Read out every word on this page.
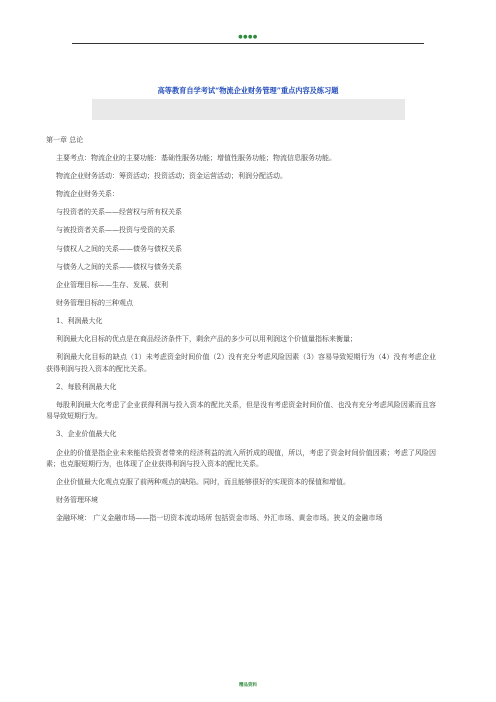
●●●●
高等教育自学考试“物流企业财务管理”重点内容及练习题

第一章 总论

主要考点：物流企业的主要功能：基础性服务功能；增值性服务功能；物流信息服务功能。

物流企业财务活动：筹资活动；投资活动；资金运营活动；利润分配活动。

物流企业财务关系：

与投资者的关系——经营权与所有权关系

与被投资者关系——投资与受资的关系

与债权人之间的关系——债务与债权关系

与债务人之间的关系——债权与债务关系

企业管理目标——生存、发展、获利

财务管理目标的三种观点

1、利润最大化

利润最大化目标的优点是在商品经济条件下，剩余产品的多少可以用利润这个价值量指标来衡量；

利润最大化目标的缺点（1）未考虑资金时间价值（2）没有充分考虑风险因素（3）容易导致短期行为（4）没有考虑企业获得利润与投入资本的配比关系。

2、每股利润最大化

每股利润最大化考虑了企业获得利润与投入资本的配比关系，但是没有考虑资金时间价值、也没有充分考虑风险因素而且容易导致短期行为。

3、企业价值最大化

企业的价值是指企业未来能给投资者带来的经济利益的流入所折成的现值，所以，考虑了资金时间价值因素；考虑了风险因素；也克服短期行为，也体现了企业获得利润与投入资本的配比关系。

企业价值最大化观点克服了前两种观点的缺陷。同时，而且能够很好的实现资本的保值和增值。

财务管理环境

金融环境： 广义金融市场——指一切资本流动场所 包括资金市场、外汇市场、黄金市场。狭义的金融市场

精品资料
